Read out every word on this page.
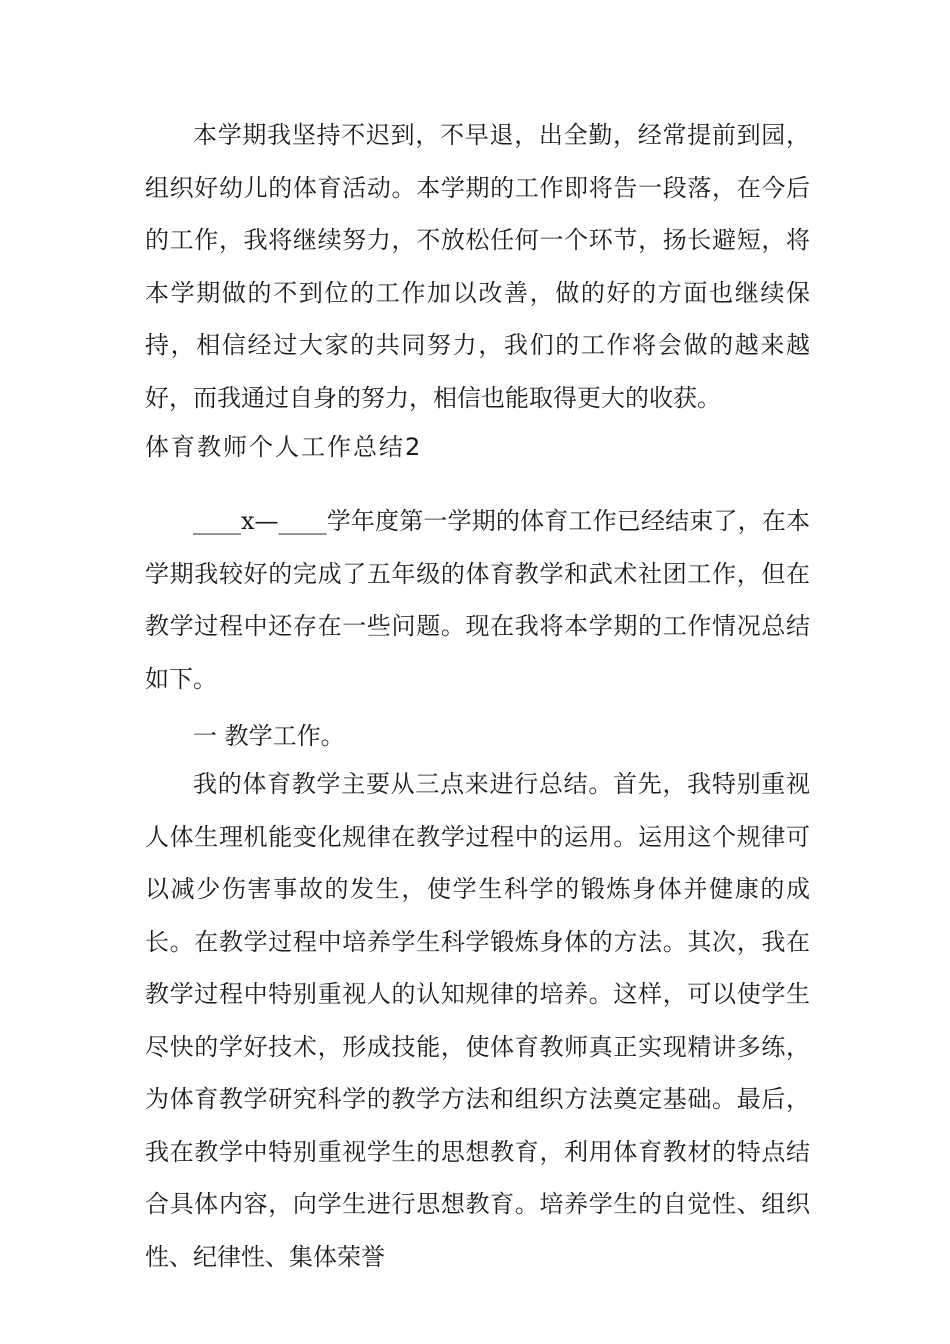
本学期我坚持不迟到，不早退，出全勤，经常提前到园，组织好幼儿的体育活动。本学期的工作即将告一段落，在今后的工作，我将继续努力，不放松任何一个环节，扬长避短，将本学期做的不到位的工作加以改善，做的好的方面也继续保持，相信经过大家的共同努力，我们的工作将会做的越来越好，而我通过自身的努力，相信也能取得更大的收获。

体育教师个人工作总结2

____x—____学年度第一学期的体育工作已经结束了，在本学期我较好的完成了五年级的体育教学和武术社团工作，但在教学过程中还存在一些问题。现在我将本学期的工作情况总结如下。

一 教学工作。

我的体育教学主要从三点来进行总结。首先，我特别重视人体生理机能变化规律在教学过程中的运用。运用这个规律可以减少伤害事故的发生，使学生科学的锻炼身体并健康的成长。在教学过程中培养学生科学锻炼身体的方法。其次，我在教学过程中特别重视人的认知规律的培养。这样，可以使学生尽快的学好技术，形成技能，使体育教师真正实现精讲多练，为体育教学研究科学的教学方法和组织方法奠定基础。最后，我在教学中特别重视学生的思想教育，利用体育教材的特点结合具体内容，向学生进行思想教育。培养学生的自觉性、组织性、纪律性、集体荣誉
